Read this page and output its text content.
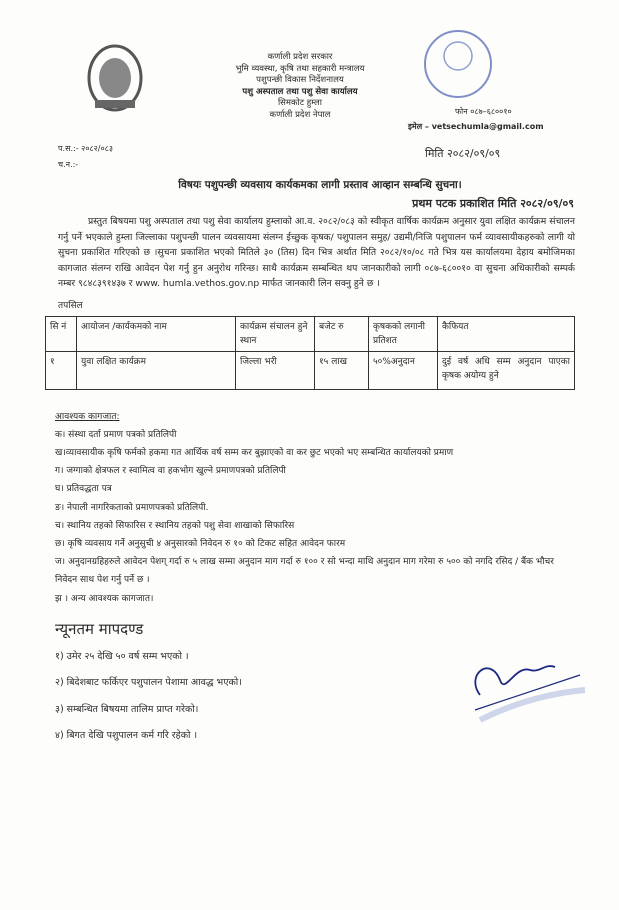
कर्णाली प्रदेश सरकार
भुमि व्यवस्था, कृषि तथा सहकारी मन्त्रालय
पशुपन्छी विकास निर्देशनालय
पशु अस्पताल तथा पशु सेवा कार्यालय
सिमकोट हुम्ला
कर्णाली प्रदेश नेपाल	फोन ०८७–६८००१०
इमेल – vetsechumla@gmail.com
प.स.:- २०८२/०८३
च.न.:-
मिति २०८२/०९/०९
विषयः पशुपन्छी व्यवसाय कार्यकमका लागी प्रस्ताव आव्हान सम्बन्धि सुचना।
प्रथम पटक प्रकाशित मिति २०८२/०९/०९
प्रस्तुत बिषयमा पशु अस्पताल तथा पशु सेवा कार्यालय हुम्लाको आ.व. २०८२/०८३ को स्वीकृत वार्षिक कार्यक्रम अनुसार युवा लक्षित कार्यक्रम संचालन गर्नु पर्ने भएकाले हुम्ला जिल्लाका पशुपन्छी पालन व्यवसायमा संलग्न ईच्छुक कृषक/ पशुपालन समुह/ उद्यमी/निजि पशुपालन फर्म व्यावसायीकहरुको लागी यो सुचना प्रकाशित गरिएको छ ।सुचना प्रकाशित भएको मितिले ३० (तिस) दिन भित्र अर्थात मिति २०८२/१०/०८ गते भित्र यस कार्यालयमा देहाय बमोजिमका कागजात संलग्न राखि आवेदन पेश गर्नु हुन अनुरोध गरिन्छ। साथै कार्यक्रम सम्बन्धित थप जानकारीको लागी ०८७-६८००१० वा सुचना अधिकारीको सम्पर्क नम्बर ९८४८३९१४३७ र www. humla.vethos.gov.np मार्फत जानकारी लिन सक्नु हुने छ ।
तपसिल
सि नं	आयोजन /कार्यकमको नाम	कार्यक्रम संचालन हुने स्थान	बजेट रु	कृषकको लगानी प्रतिशत	कैफियत
१	युवा लक्षित कार्यक्रम	जिल्ला भरी	१५ लाख	५०%अनुदान	दुई वर्ष अधि सम्म अनुदान पाएका कृषक अयोग्य हुने
आवश्यक कागजात:
क। संस्था दर्ता प्रमाण पत्रको प्रतिलिपी
ख।व्यावसायीक कृषि फर्मको हकमा गत आर्थिक वर्ष सम्म कर बुझाएको वा कर छुट भएको भए सम्बन्धित कार्यालयको प्रमाण
ग। जग्गाको क्षेत्रफल र स्वामित्व वा हकभोग खुल्ने प्रमाणपत्रको प्रतिलिपी
घ। प्रतिवद्धता पत्र
ङ। नेपाली नागरिकताको प्रमाणपत्रको प्रतिलिपी.
च। स्थानिय तहको सिफारिस र स्थानिय तहको पशु सेवा शाखाको सिफारिस
छ। कृषि व्यवसाय गर्ने अनुसुची ४ अनुसारको निवेदन रु १० को टिकट सहित आवेदन फारम
ज। अनुदानग्रहिहरुले आवेदन पेशग् गर्दा रु ५ लाख सम्मा अनुदान माग गर्दा रु १०० र सो भन्दा माथि अनुदान माग गरेमा रु ५०० को नगदि रसिद / बैंक भौचर निवेदन साथ पेश गर्नु पर्ने छ ।
झ । अन्य आवश्यक कागजात।
न्यूनतम मापदण्ड
१) उमेर २५ देखि ५० वर्ष सम्म भएको ।
२) बिदेशबाट फर्किएर पशुपालन पेशामा आवद्ध भएको।
३) सम्बन्धित बिषयमा तालिम प्राप्त गरेको।
४) बिगत देखि पशुपालन कर्म गरि रहेको ।
